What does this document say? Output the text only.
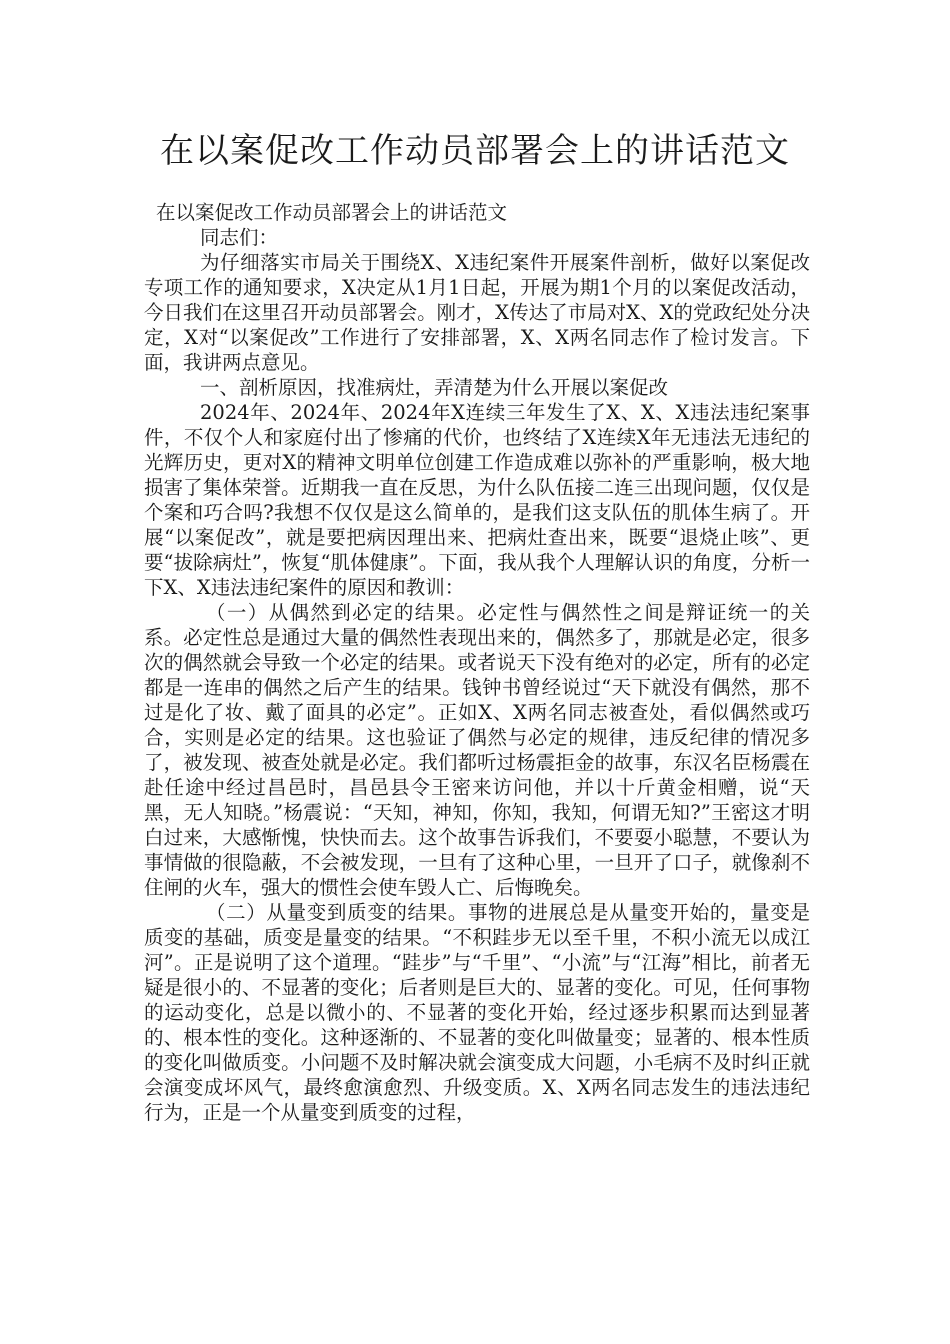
在以案促改工作动员部署会上的讲话范文

在以案促改工作动员部署会上的讲话范文

同志们：

为仔细落实市局关于围绕X、X违纪案件开展案件剖析，做好以案促改专项工作的通知要求，X决定从1月1日起，开展为期1个月的以案促改活动，今日我们在这里召开动员部署会。刚才，X传达了市局对X、X的党政纪处分决定，X对“以案促改”工作进行了安排部署，X、X两名同志作了检讨发言。下面，我讲两点意见。

一、剖析原因，找准病灶，弄清楚为什么开展以案促改

2024年、2024年、2024年X连续三年发生了X、X、X违法违纪案事件，不仅个人和家庭付出了惨痛的代价，也终结了X连续X年无违法无违纪的光辉历史，更对X的精神文明单位创建工作造成难以弥补的严重影响，极大地损害了集体荣誉。近期我一直在反思，为什么队伍接二连三出现问题，仅仅是个案和巧合吗?我想不仅仅是这么简单的，是我们这支队伍的肌体生病了。开展“以案促改”，就是要把病因理出来、把病灶查出来，既要“退烧止咳”、更要“拔除病灶”，恢复“肌体健康”。下面，我从我个人理解认识的角度，分析一下X、X违法违纪案件的原因和教训：

（一）从偶然到必定的结果。必定性与偶然性之间是辩证统一的关系。必定性总是通过大量的偶然性表现出来的，偶然多了，那就是必定，很多次的偶然就会导致一个必定的结果。或者说天下没有绝对的必定，所有的必定都是一连串的偶然之后产生的结果。钱钟书曾经说过“天下就没有偶然，那不过是化了妆、戴了面具的必定”。正如X、X两名同志被查处，看似偶然或巧合，实则是必定的结果。这也验证了偶然与必定的规律，违反纪律的情况多了，被发现、被查处就是必定。我们都听过杨震拒金的故事，东汉名臣杨震在赴任途中经过昌邑时，昌邑县令王密来访问他，并以十斤黄金相赠，说“天黑，无人知晓。”杨震说：“天知，神知，你知，我知，何谓无知?”王密这才明白过来，大感惭愧，快快而去。这个故事告诉我们，不要耍小聪慧，不要认为事情做的很隐蔽，不会被发现，一旦有了这种心里，一旦开了口子，就像刹不住闸的火车，强大的惯性会使车毁人亡、后悔晚矣。

（二）从量变到质变的结果。事物的进展总是从量变开始的，量变是质变的基础，质变是量变的结果。“不积跬步无以至千里，不积小流无以成江河”。正是说明了这个道理。“跬步”与“千里”、“小流”与“江海”相比，前者无疑是很小的、不显著的变化；后者则是巨大的、显著的变化。可见，任何事物的运动变化，总是以微小的、不显著的变化开始，经过逐步积累而达到显著的、根本性的变化。这种逐渐的、不显著的变化叫做量变；显著的、根本性质的变化叫做质变。小问题不及时解决就会演变成大问题，小毛病不及时纠正就会演变成坏风气，最终愈演愈烈、升级变质。X、X两名同志发生的违法违纪行为，正是一个从量变到质变的过程，
